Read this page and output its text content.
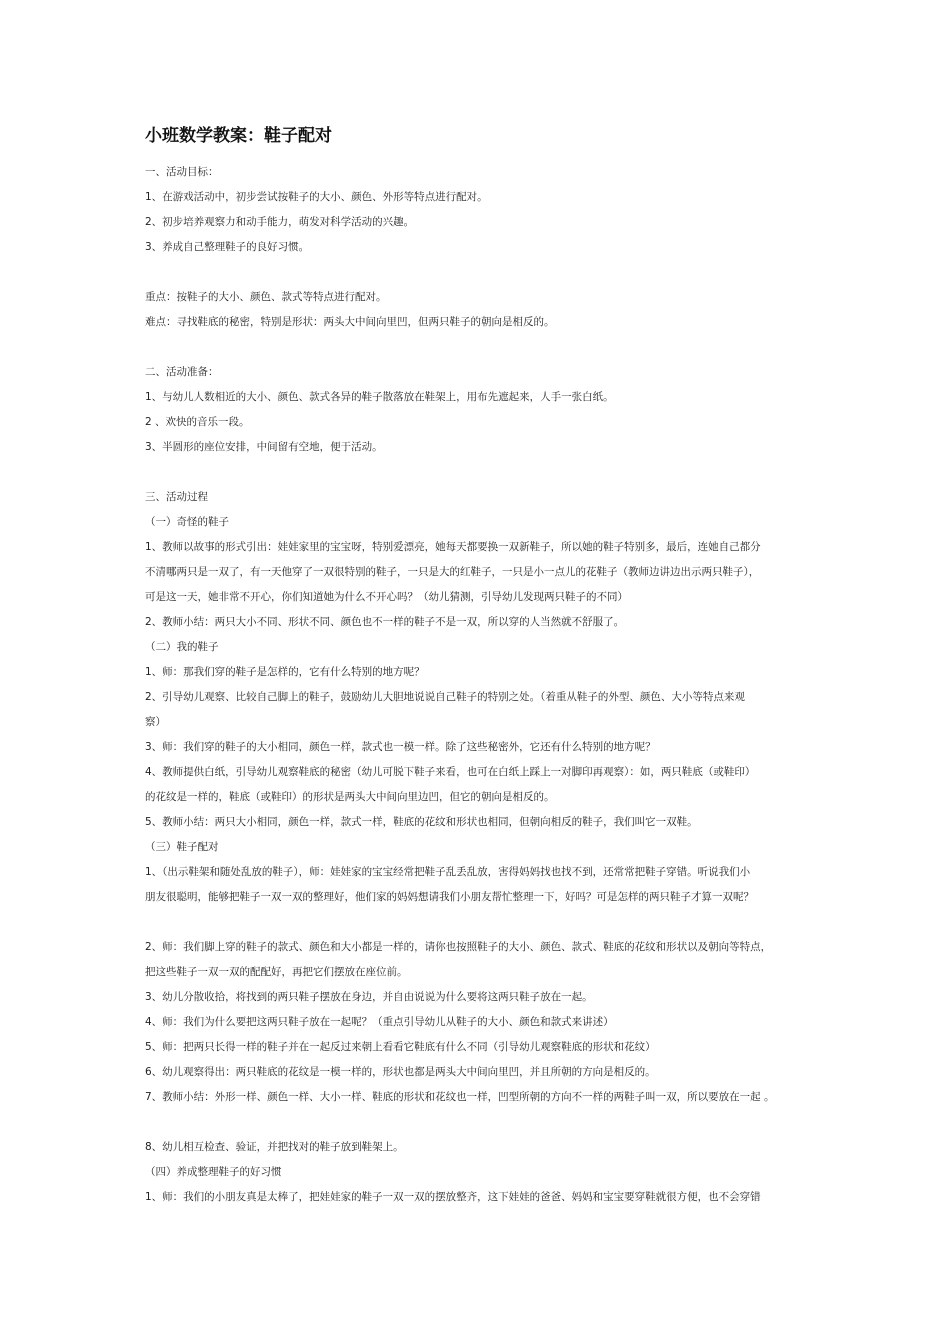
小班数学教案：鞋子配对
一、活动目标：
1、在游戏活动中，初步尝试按鞋子的大小、颜色、外形等特点进行配对。
2、初步培养观察力和动手能力，萌发对科学活动的兴趣。
3、养成自己整理鞋子的良好习惯。
重点：按鞋子的大小、颜色、款式等特点进行配对。
难点：寻找鞋底的秘密，特别是形状：两头大中间向里凹，但两只鞋子的朝向是相反的。
二、活动准备：
1、与幼儿人数相近的大小、颜色、款式各异的鞋子散落放在鞋架上，用布先遮起来，人手一张白纸。
2 、欢快的音乐一段。
3、半圆形的座位安排，中间留有空地，便于活动。
三、活动过程
（一）奇怪的鞋子
1、教师以故事的形式引出：娃娃家里的宝宝呀，特别爱漂亮，她每天都要换一双新鞋子，所以她的鞋子特别多，最后，连她自己都分
不清哪两只是一双了，有一天他穿了一双很特别的鞋子，一只是大的红鞋子，一只是小一点儿的花鞋子（教师边讲边出示两只鞋子），
可是这一天，她非常不开心，你们知道她为什么不开心吗？（幼儿猜测，引导幼儿发现两只鞋子的不同）
2、教师小结：两只大小不同、形状不同、颜色也不一样的鞋子不是一双，所以穿的人当然就不舒服了。
（二）我的鞋子
1、师：那我们穿的鞋子是怎样的，它有什么特别的地方呢？
2、引导幼儿观察、比较自己脚上的鞋子，鼓励幼儿大胆地说说自己鞋子的特别之处。（着重从鞋子的外型、颜色、大小等特点来观
察）
3、师：我们穿的鞋子的大小相同，颜色一样，款式也一模一样。除了这些秘密外，它还有什么特别的地方呢？
4、教师提供白纸，引导幼儿观察鞋底的秘密（幼儿可脱下鞋子来看，也可在白纸上踩上一对脚印再观察）：如，两只鞋底（或鞋印）
的花纹是一样的，鞋底（或鞋印）的形状是两头大中间向里边凹，但它的朝向是相反的。
5、教师小结：两只大小相同，颜色一样，款式一样，鞋底的花纹和形状也相同，但朝向相反的鞋子，我们叫它一双鞋。
（三）鞋子配对
1、（出示鞋架和随处乱放的鞋子），师：娃娃家的宝宝经常把鞋子乱丢乱放，害得妈妈找也找不到，还常常把鞋子穿错。听说我们小
朋友很聪明，能够把鞋子一双一双的整理好，他们家的妈妈想请我们小朋友帮忙整理一下，好吗？可是怎样的两只鞋子才算一双呢？
2、师：我们脚上穿的鞋子的款式、颜色和大小都是一样的，请你也按照鞋子的大小、颜色、款式、鞋底的花纹和形状以及朝向等特点，
把这些鞋子一双一双的配配好，再把它们摆放在座位前。
3、幼儿分散收拾，将找到的两只鞋子摆放在身边，并自由说说为什么要将这两只鞋子放在一起。
4、师：我们为什么要把这两只鞋子放在一起呢？（重点引导幼儿从鞋子的大小、颜色和款式来讲述）
5、师：把两只长得一样的鞋子并在一起反过来朝上看看它鞋底有什么不同（引导幼儿观察鞋底的形状和花纹）
6、幼儿观察得出：两只鞋底的花纹是一模一样的，形状也都是两头大中间向里凹，并且所朝的方向是相反的。
7、教师小结：外形一样、颜色一样、大小一样、鞋底的形状和花纹也一样，凹型所朝的方向不一样的两鞋子叫一双，所以要放在一起 。
8、幼儿相互检查、验证，并把找对的鞋子放到鞋架上。
（四）养成整理鞋子的好习惯
1、师：我们的小朋友真是太棒了，把娃娃家的鞋子一双一双的摆放整齐，这下娃娃的爸爸、妈妈和宝宝要穿鞋就很方便，也不会穿错
